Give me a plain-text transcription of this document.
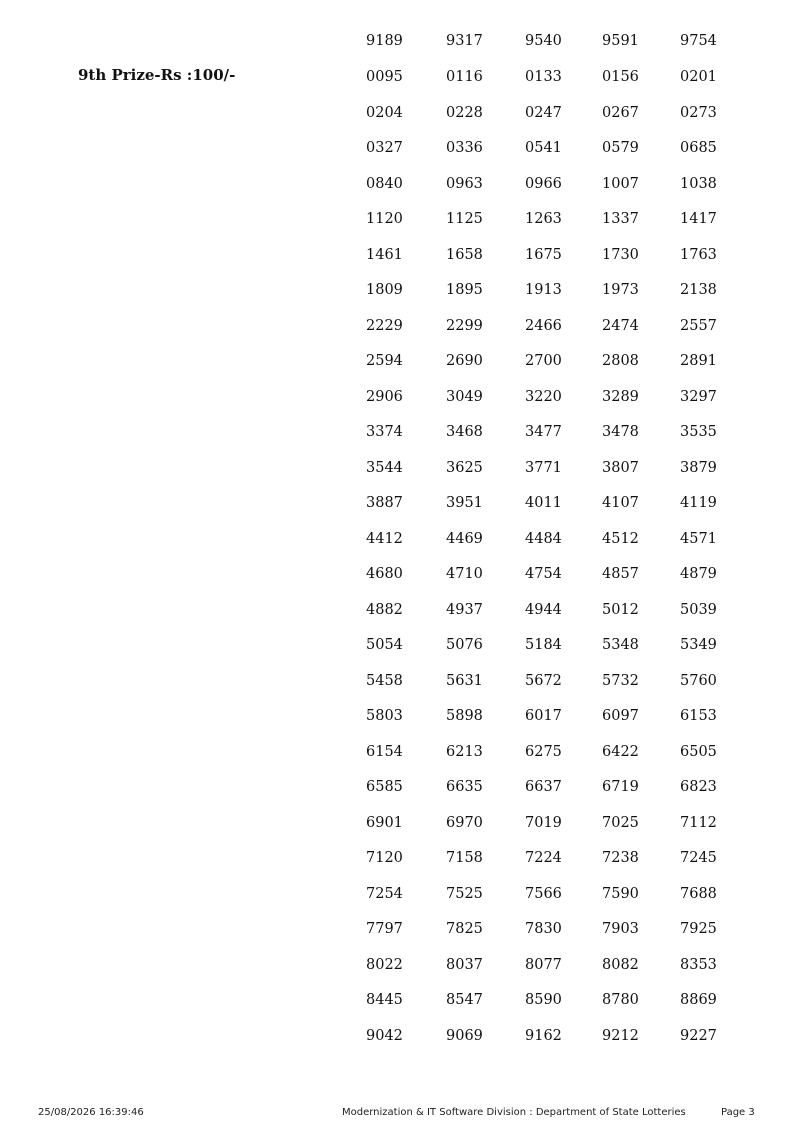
9189	9317	9540	9591	9754
9th Prize-Rs :100/-	0095	0116	0133	0156	0201
0204	0228	0247	0267	0273
0327	0336	0541	0579	0685
0840	0963	0966	1007	1038
1120	1125	1263	1337	1417
1461	1658	1675	1730	1763
1809	1895	1913	1973	2138
2229	2299	2466	2474	2557
2594	2690	2700	2808	2891
2906	3049	3220	3289	3297
3374	3468	3477	3478	3535
3544	3625	3771	3807	3879
3887	3951	4011	4107	4119
4412	4469	4484	4512	4571
4680	4710	4754	4857	4879
4882	4937	4944	5012	5039
5054	5076	5184	5348	5349
5458	5631	5672	5732	5760
5803	5898	6017	6097	6153
6154	6213	6275	6422	6505
6585	6635	6637	6719	6823
6901	6970	7019	7025	7112
7120	7158	7224	7238	7245
7254	7525	7566	7590	7688
7797	7825	7830	7903	7925
8022	8037	8077	8082	8353
8445	8547	8590	8780	8869
9042	9069	9162	9212	9227
25/08/2026 16:39:46	Modernization & IT Software Division : Department of State Lotteries	Page 3
